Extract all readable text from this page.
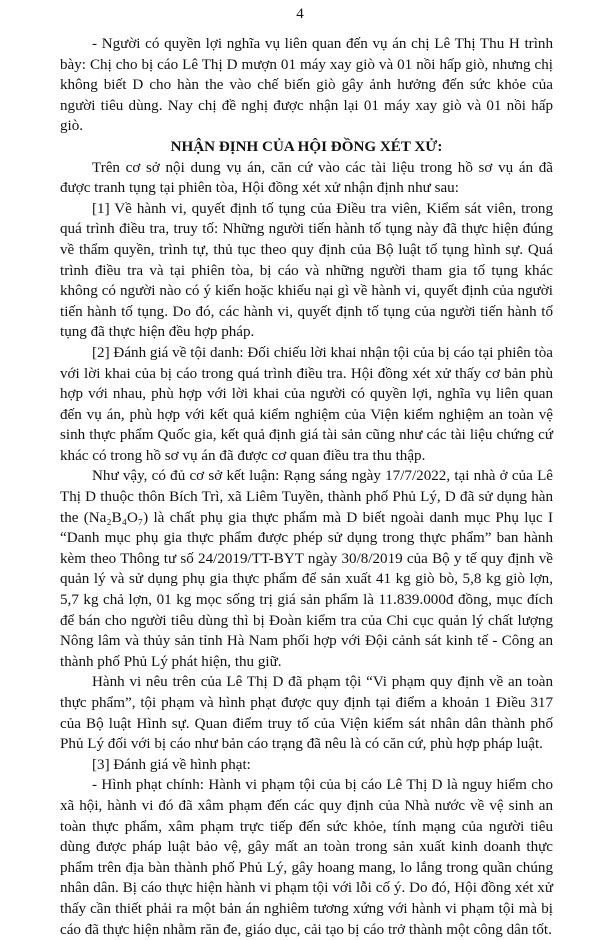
4

- Người có quyền lợi nghĩa vụ liên quan đến vụ án chị Lê Thị Thu H trình bày: Chị cho bị cáo Lê Thị D mượn 01 máy xay giò và 01 nồi hấp giò, nhưng chị không biết D cho hàn the vào chế biến giò gây ảnh hưởng đến sức khỏe của người tiêu dùng. Nay chị đề nghị được nhận lại 01 máy xay giò và 01 nồi hấp giò.

NHẬN ĐỊNH CỦA HỘI ĐỒNG XÉT XỬ:

Trên cơ sở nội dung vụ án, căn cứ vào các tài liệu trong hồ sơ vụ án đã được tranh tụng tại phiên tòa, Hội đồng xét xử nhận định như sau:

[1] Về hành vi, quyết định tố tụng của Điều tra viên, Kiểm sát viên, trong quá trình điều tra, truy tố: Những người tiến hành tố tụng này đã thực hiện đúng về thẩm quyền, trình tự, thủ tục theo quy định của Bộ luật tố tụng hình sự. Quá trình điều tra và tại phiên tòa, bị cáo và những người tham gia tố tụng khác không có người nào có ý kiến hoặc khiếu nại gì về hành vi, quyết định của người tiến hành tố tụng. Do đó, các hành vi, quyết định tố tụng của người tiến hành tố tụng đã thực hiện đều hợp pháp.

[2] Đánh giá về tội danh: Đối chiếu lời khai nhận tội của bị cáo tại phiên tòa với lời khai của bị cáo trong quá trình điều tra. Hội đồng xét xử thấy cơ bản phù hợp với nhau, phù hợp với lời khai của người có quyền lợi, nghĩa vụ liên quan đến vụ án, phù hợp với kết quả kiểm nghiệm của Viện kiểm nghiệm an toàn vệ sinh thực phẩm Quốc gia, kết quả định giá tài sản cũng như các tài liệu chứng cứ khác có trong hồ sơ vụ án đã được cơ quan điều tra thu thập.

Như vậy, có đủ cơ sở kết luận: Rạng sáng ngày 17/7/2022, tại nhà ở của Lê Thị D thuộc thôn Bích Trì, xã Liêm Tuyền, thành phố Phủ Lý, D đã sử dụng hàn the (Na₂B₄O₇) là chất phụ gia thực phẩm mà D biết ngoài danh mục Phụ lục I “Danh mục phụ gia thực phẩm được phép sử dụng trong thực phẩm” ban hành kèm theo Thông tư số 24/2019/TT-BYT ngày 30/8/2019 của Bộ y tế quy định về quản lý và sử dụng phụ gia thực phẩm để sản xuất 41 kg giò bò, 5,8 kg giò lợn, 5,7 kg chả lợn, 01 kg mọc sống trị giá sản phẩm là 11.839.000đ đồng, mục đích để bán cho người tiêu dùng thì bị Đoàn kiểm tra của Chi cục quản lý chất lượng Nông lâm và thủy sản tỉnh Hà Nam phối hợp với Đội cảnh sát kinh tế - Công an thành phố Phủ Lý phát hiện, thu giữ.

Hành vi nêu trên của Lê Thị D đã phạm tội “Vi phạm quy định về an toàn thực phẩm”, tội phạm và hình phạt được quy định tại điểm a khoản 1 Điều 317 của Bộ luật Hình sự. Quan điểm truy tố của Viện kiểm sát nhân dân thành phố Phủ Lý đối với bị cáo như bản cáo trạng đã nêu là có căn cứ, phù hợp pháp luật.

[3] Đánh giá về hình phạt:

- Hình phạt chính: Hành vi phạm tội của bị cáo Lê Thị D là nguy hiểm cho xã hội, hành vi đó đã xâm phạm đến các quy định của Nhà nước về vệ sinh an toàn thực phẩm, xâm phạm trực tiếp đến sức khỏe, tính mạng của người tiêu dùng được pháp luật bảo vệ, gây mất an toàn trong sản xuất kinh doanh thực phẩm trên địa bàn thành phố Phủ Lý, gây hoang mang, lo lắng trong quần chúng nhân dân. Bị cáo thực hiện hành vi phạm tội với lỗi cố ý. Do đó, Hội đồng xét xử thấy cần thiết phải ra một bản án nghiêm tương xứng với hành vi phạm tội mà bị cáo đã thực hiện nhằm răn đe, giáo dục, cải tạo bị cáo trở thành một công dân tốt.
